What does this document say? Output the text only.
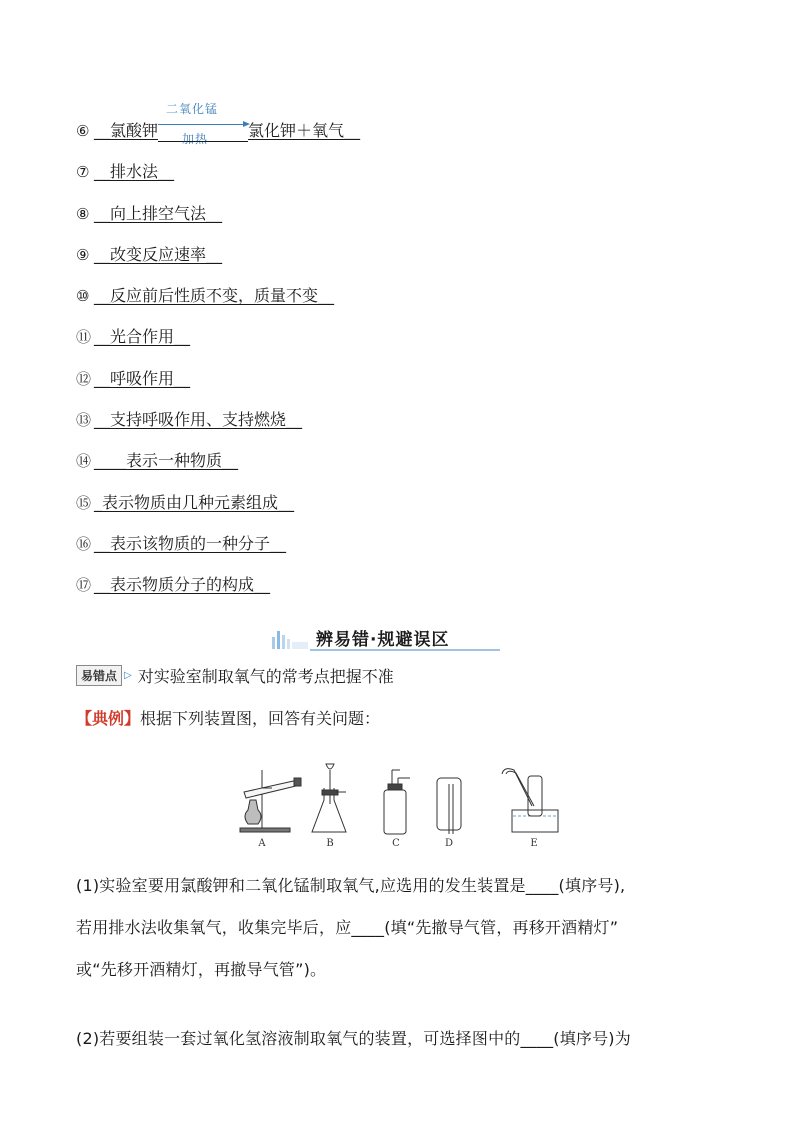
⑥ __ 氯酸钾
二氧化锰
加热 氯化钾＋氧气 __
⑦ __ 排水法 __
⑧ __ 向上排空气法 __
⑨ __ 改变反应速率 __
⑩ __ 反应前后性质不变，质量不变 __
⑪ __ 光合作用 __
⑫ __ 呼吸作用 __
⑬ __ 支持呼吸作用、支持燃烧 __
⑭ ____ 表示一种物质 __
⑮ _ 表示物质由几种元素组成 __
⑯ __ 表示该物质的一种分子 __
⑰ __ 表示物质分子的构成 __
辨易错·规避误区
易错点 ▷ 对实验室制取氧气的常考点把握不准
【典例】根据下列装置图，回答有关问题：
A	B	C	D	E
(1)实验室要用氯酸钾和二氧化锰制取氧气,应选用的发生装置是____(填序号),
若用排水法收集氧气，收集完毕后，应____(填“先撤导气管，再移开酒精灯”
或“先移开酒精灯，再撤导气管”)。
(2)若要组装一套过氧化氢溶液制取氧气的装置，可选择图中的____(填序号)为
